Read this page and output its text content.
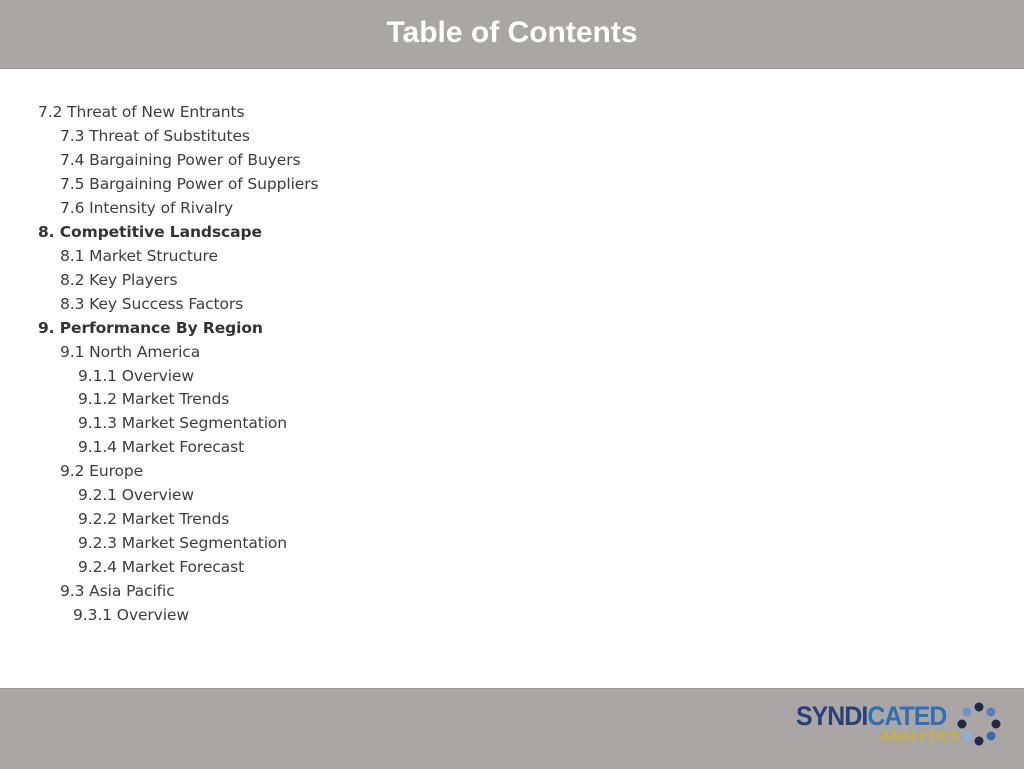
Table of Contents
7.2 Threat of New Entrants
7.3 Threat of Substitutes
7.4 Bargaining Power of Buyers
7.5 Bargaining Power of Suppliers
7.6 Intensity of Rivalry
8. Competitive Landscape
8.1 Market Structure
8.2 Key Players
8.3 Key Success Factors
9. Performance By Region
9.1 North America
9.1.1 Overview
9.1.2 Market Trends
9.1.3 Market Segmentation
9.1.4 Market Forecast
9.2 Europe
9.2.1 Overview
9.2.2 Market Trends
9.2.3 Market Segmentation
9.2.4 Market Forecast
9.3 Asia Pacific
9.3.1 Overview
SYNDICATED
ANALYTICS
